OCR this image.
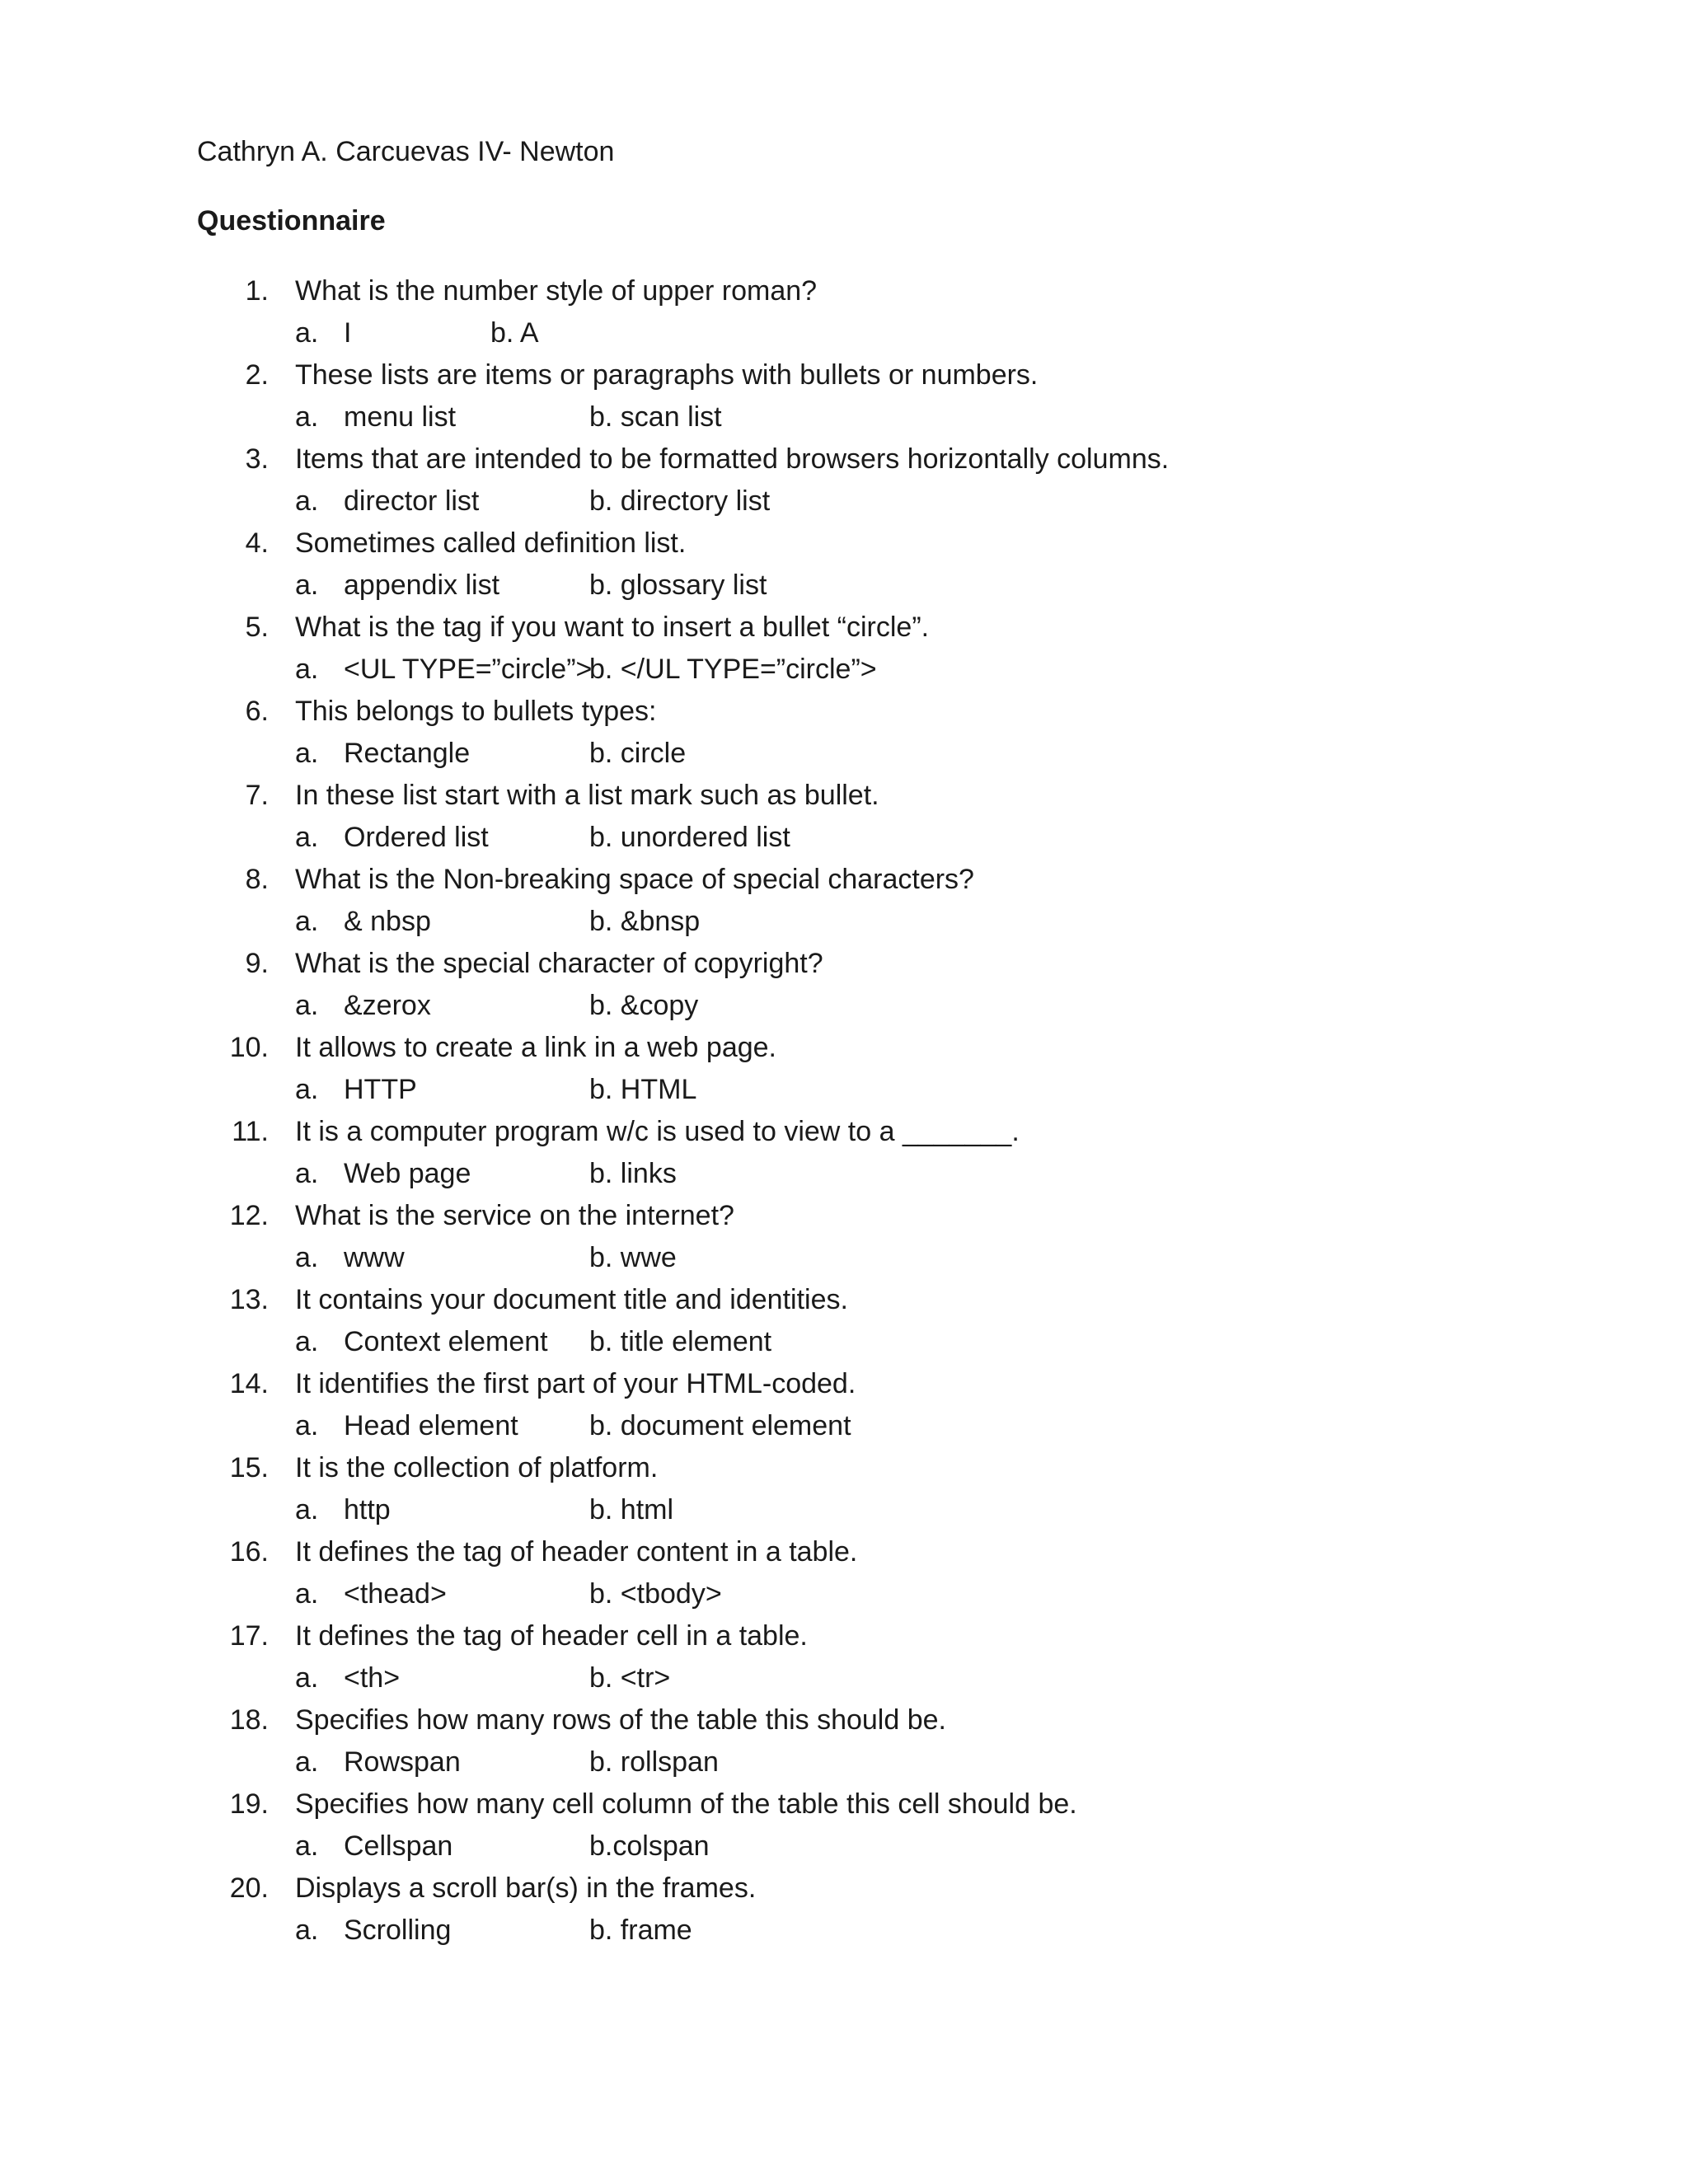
Cathryn A. Carcuevas IV- Newton
Questionnaire
1. What is the number style of upper roman?
a. I	b. A
2. These lists are items or paragraphs with bullets or numbers.
a. menu list	b. scan list
3. Items that are intended to be formatted browsers horizontally columns.
a. director list	b. directory list
4. Sometimes called definition list.
a. appendix list	b. glossary list
5. What is the tag if you want to insert a bullet “circle”.
a. <UL TYPE=”circle”>
b. </UL TYPE=”circle”>
6. This belongs to bullets types:
a. Rectangle	b. circle
7. In these list start with a list mark such as bullet.
a. Ordered list	b. unordered list
8. What is the Non-breaking space of special characters?
a. & nbsp	b. &bnsp
9. What is the special character of copyright?
a. &zerox	b. &copy
10. It allows to create a link in a web page.
a. HTTP	b. HTML
11. It is a computer program w/c is used to view to a _______.
a. Web page	b. links
12. What is the service on the internet?
a. www	b. wwe
13. It contains your document title and identities.
a. Context element b. title element
14. It identifies the first part of your HTML-coded.
a. Head element	b. document element
15. It is the collection of platform.
a. http	b. html
16. It defines the tag of header content in a table.
a. <thead>	b. <tbody>
17. It defines the tag of header cell in a table.
a. <th>	b. <tr>
18. Specifies how many rows of the table this should be.
a. Rowspan	b. rollspan
19. Specifies how many cell column of the table this cell should be.
a. Cellspan	b.colspan
20. Displays a scroll bar(s) in the frames.
a. Scrolling	b. frame
